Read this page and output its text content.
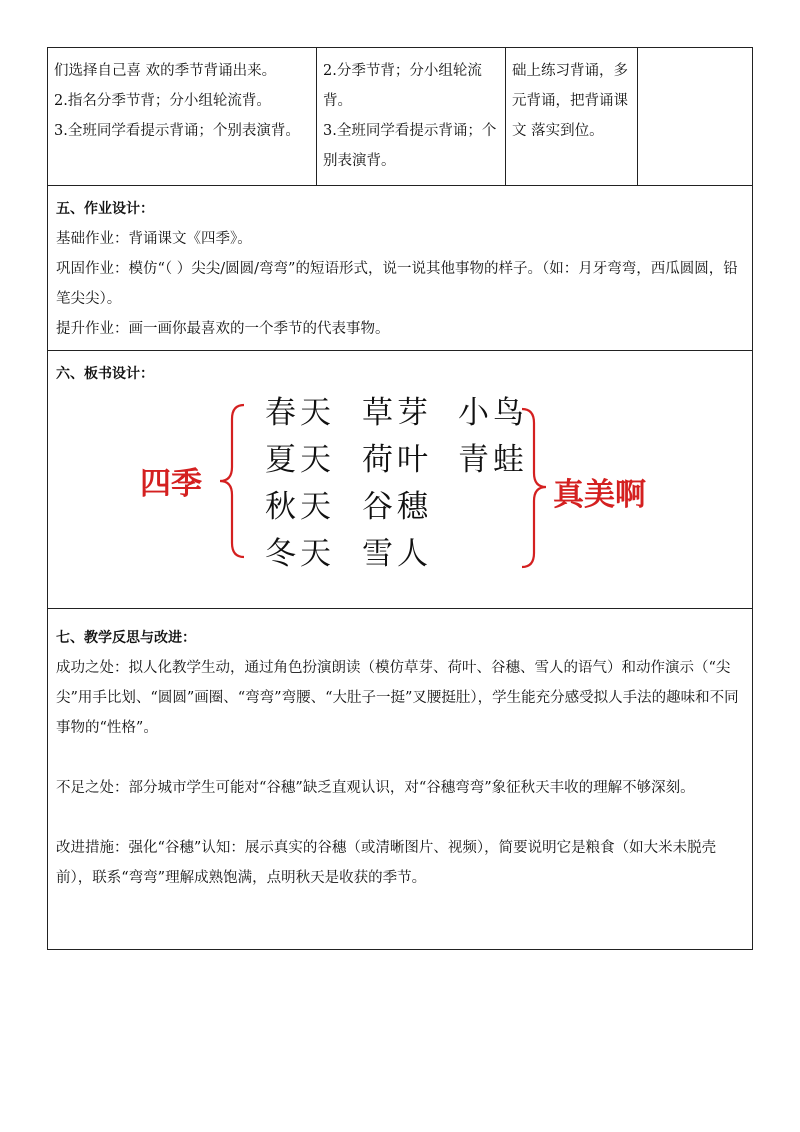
们选择自己喜 欢的季节背诵出来。

2.指名分季节背；分小组轮流背。

3.全班同学看提示背诵；个别表演背。

2.分季节背；分小组轮流背。

3.全班同学看提示背诵；个别表演背。

础上练习背诵，多元背诵，把背诵课文 落实到位。

五、作业设计：

基础作业：背诵课文《四季》。

巩固作业：模仿“（ ）尖尖/圆圆/弯弯”的短语形式，说一说其他事物的样子。（如：月牙弯弯，西瓜圆圆，铅笔尖尖）。

提升作业：画一画你最喜欢的一个季节的代表事物。

六、板书设计：

四季
春天 草芽 小鸟
夏天 荷叶 青蛙
秋天 谷穗
冬天 雪人
真美啊

七、教学反思与改进：

成功之处：拟人化教学生动，通过角色扮演朗读（模仿草芽、荷叶、谷穗、雪人的语气）和动作演示（“尖尖”用手比划、“圆圆”画圈、“弯弯”弯腰、“大肚子一挺”叉腰挺肚），学生能充分感受拟人手法的趣味和不同事物的“性格”。

不足之处：部分城市学生可能对“谷穗”缺乏直观认识，对“谷穗弯弯”象征秋天丰收的理解不够深刻。

改进措施：强化“谷穗”认知：展示真实的谷穗（或清晰图片、视频），简要说明它是粮食（如大米未脱壳前），联系“弯弯”理解成熟饱满，点明秋天是收获的季节。
